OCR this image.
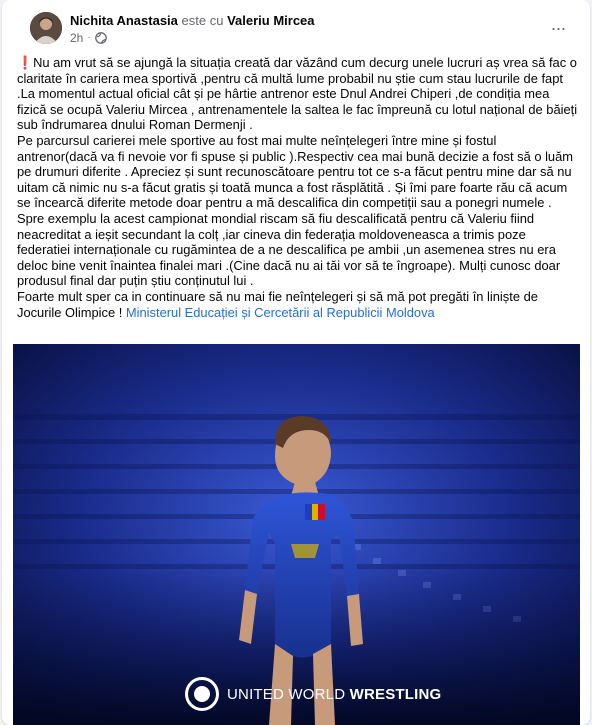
Nichita Anastasia este cu Valeriu Mircea
2h ·	···

❗Nu am vrut să se ajungă la situația creată dar văzând cum decurg unele lucruri aș vrea să fac o claritate în cariera mea sportivă ,pentru că multă lume probabil nu știe cum stau lucrurile de fapt .La momentul actual oficial cât și pe hârtie antrenor este Dnul Andrei Chiperi ,de condiția mea fizică se ocupă Valeriu Mircea , antrenamentele la saltea le fac împreună cu lotul național de băieți sub îndrumarea dnului Roman Dermenji .

Pe parcursul carierei mele sportive au fost mai multe neînțelegeri între mine și fostul antrenor(dacă va fi nevoie vor fi spuse și public ).Respectiv cea mai bună decizie a fost să o luăm pe drumuri diferite . Apreciez și sunt recunoscătoare pentru tot ce s-a făcut pentru mine dar să nu uitam că nimic nu s-a făcut gratis și toată munca a fost răsplătită . Și îmi pare foarte rău că acum se încearcă diferite metode doar pentru a mă descalifica din competiții sau a ponegri numele .

Spre exemplu la acest campionat mondial riscam să fiu descalificată pentru că Valeriu fiind neacreditat a ieșit secundant la colț ,iar cineva din federația moldoveneasca a trimis poze federatiei internaționale cu rugămintea de a ne descalifica pe ambii ,un asemenea stres nu era deloc bine venit înaintea finalei mari .(Cine dacă nu ai tăi vor să te îngroape). Mulți cunosc doar produsul final dar puțin știu conținutul lui .

Foarte mult sper ca in continuare să nu mai fie neînțelegeri și să mă pot pregăti în liniște de Jocurile Olimpice ! Ministerul Educației și Cercetării al Republicii Moldova

UNITED WORLD WRESTLING
